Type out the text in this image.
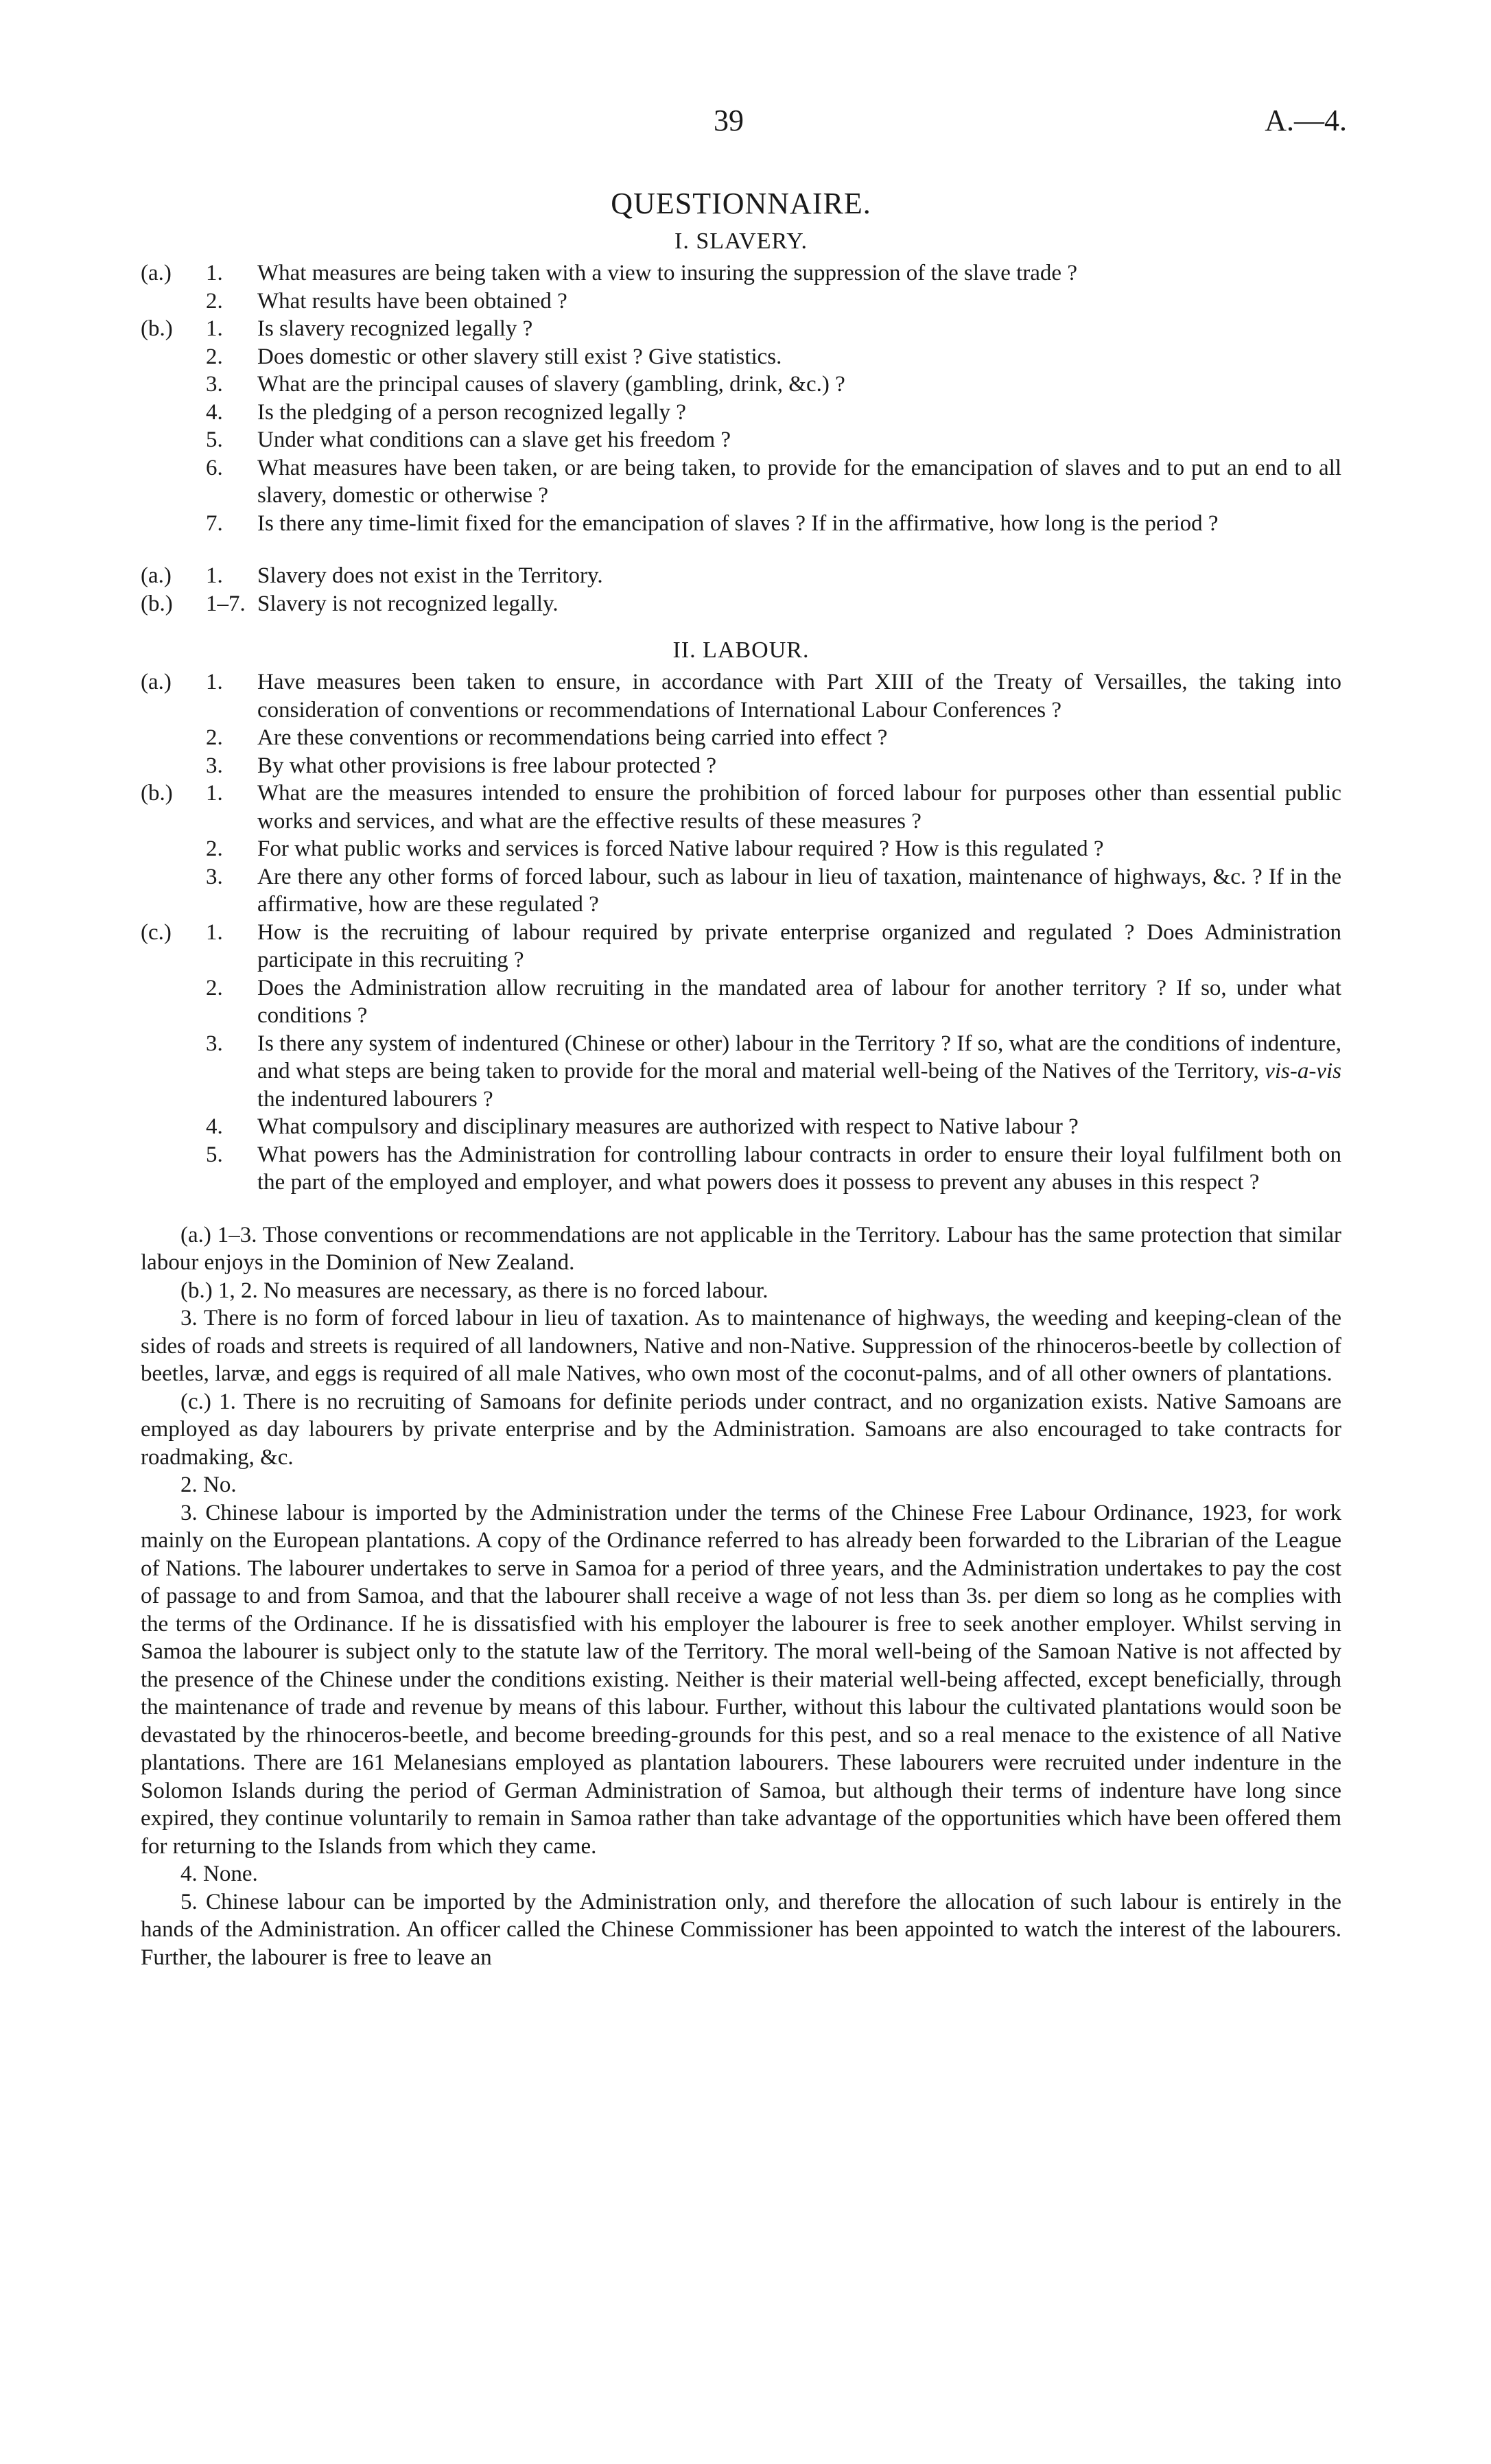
39	A.—4.
QUESTIONNAIRE.
I. SLAVERY.
(a.)	1.	What measures are being taken with a view to insuring the suppression of the slave trade ?
2.	What results have been obtained ?
(b.)	1.	Is slavery recognized legally ?
2.	Does domestic or other slavery still exist ? Give statistics.
3.	What are the principal causes of slavery (gambling, drink, &c.) ?
4.	Is the pledging of a person recognized legally ?
5.	Under what conditions can a slave get his freedom ?
6.	What measures have been taken, or are being taken, to provide for the emancipation of slaves and to put an end to all slavery, domestic or otherwise ?
7.	Is there any time-limit fixed for the emancipation of slaves ? If in the affirmative, how long is the period ?
(a.)	1.	Slavery does not exist in the Territory.
(b.)	1–7. Slavery is not recognized legally.
II. LABOUR.
(a.)	1.	Have measures been taken to ensure, in accordance with Part XIII of the Treaty of Versailles, the taking into consideration of conventions or recommendations of International Labour Conferences ?
2.	Are these conventions or recommendations being carried into effect ?
3.	By what other provisions is free labour protected ?
(b.)	1.	What are the measures intended to ensure the prohibition of forced labour for purposes other than essential public works and services, and what are the effective results of these measures ?
2.	For what public works and services is forced Native labour required ? How is this regulated ?
3.	Are there any other forms of forced labour, such as labour in lieu of taxation, maintenance of highways, &c. ? If in the affirmative, how are these regulated ?
(c.)	1.	How is the recruiting of labour required by private enterprise organized and regulated ? Does Administration participate in this recruiting ?
2.	Does the Administration allow recruiting in the mandated area of labour for another territory ? If so, under what conditions ?
3.	Is there any system of indentured (Chinese or other) labour in the Territory ? If so, what are the conditions of indenture, and what steps are being taken to provide for the moral and material well-being of the Natives of the Territory, vis-a-vis the indentured labourers ?
4.	What compulsory and disciplinary measures are authorized with respect to Native labour ?
5.	What powers has the Administration for controlling labour contracts in order to ensure their loyal fulfilment both on the part of the employed and employer, and what powers does it possess to prevent any abuses in this respect ?

(a.) 1–3. Those conventions or recommendations are not applicable in the Territory. Labour has the same protection that similar labour enjoys in the Dominion of New Zealand.

(b.) 1, 2. No measures are necessary, as there is no forced labour.

3. There is no form of forced labour in lieu of taxation. As to maintenance of highways, the weeding and keeping-clean of the sides of roads and streets is required of all landowners, Native and non-Native. Suppression of the rhinoceros-beetle by collection of beetles, larvæ, and eggs is required of all male Natives, who own most of the coconut-palms, and of all other owners of plantations.

(c.) 1. There is no recruiting of Samoans for definite periods under contract, and no organization exists. Native Samoans are employed as day labourers by private enterprise and by the Administration. Samoans are also encouraged to take contracts for roadmaking, &c.

2. No.

3. Chinese labour is imported by the Administration under the terms of the Chinese Free Labour Ordinance, 1923, for work mainly on the European plantations. A copy of the Ordinance referred to has already been forwarded to the Librarian of the League of Nations. The labourer undertakes to serve in Samoa for a period of three years, and the Administration undertakes to pay the cost of passage to and from Samoa, and that the labourer shall receive a wage of not less than 3s. per diem so long as he complies with the terms of the Ordinance. If he is dissatisfied with his employer the labourer is free to seek another employer. Whilst serving in Samoa the labourer is subject only to the statute law of the Territory. The moral well-being of the Samoan Native is not affected by the presence of the Chinese under the conditions existing. Neither is their material well-being affected, except beneficially, through the maintenance of trade and revenue by means of this labour. Further, without this labour the cultivated plantations would soon be devastated by the rhinoceros-beetle, and become breeding-grounds for this pest, and so a real menace to the existence of all Native plantations. There are 161 Melanesians employed as plantation labourers. These labourers were recruited under indenture in the Solomon Islands during the period of German Administration of Samoa, but although their terms of indenture have long since expired, they continue voluntarily to remain in Samoa rather than take advantage of the opportunities which have been offered them for returning to the Islands from which they came.

4. None.

5. Chinese labour can be imported by the Administration only, and therefore the allocation of such labour is entirely in the hands of the Administration. An officer called the Chinese Commissioner has been appointed to watch the interest of the labourers. Further, the labourer is free to leave an
